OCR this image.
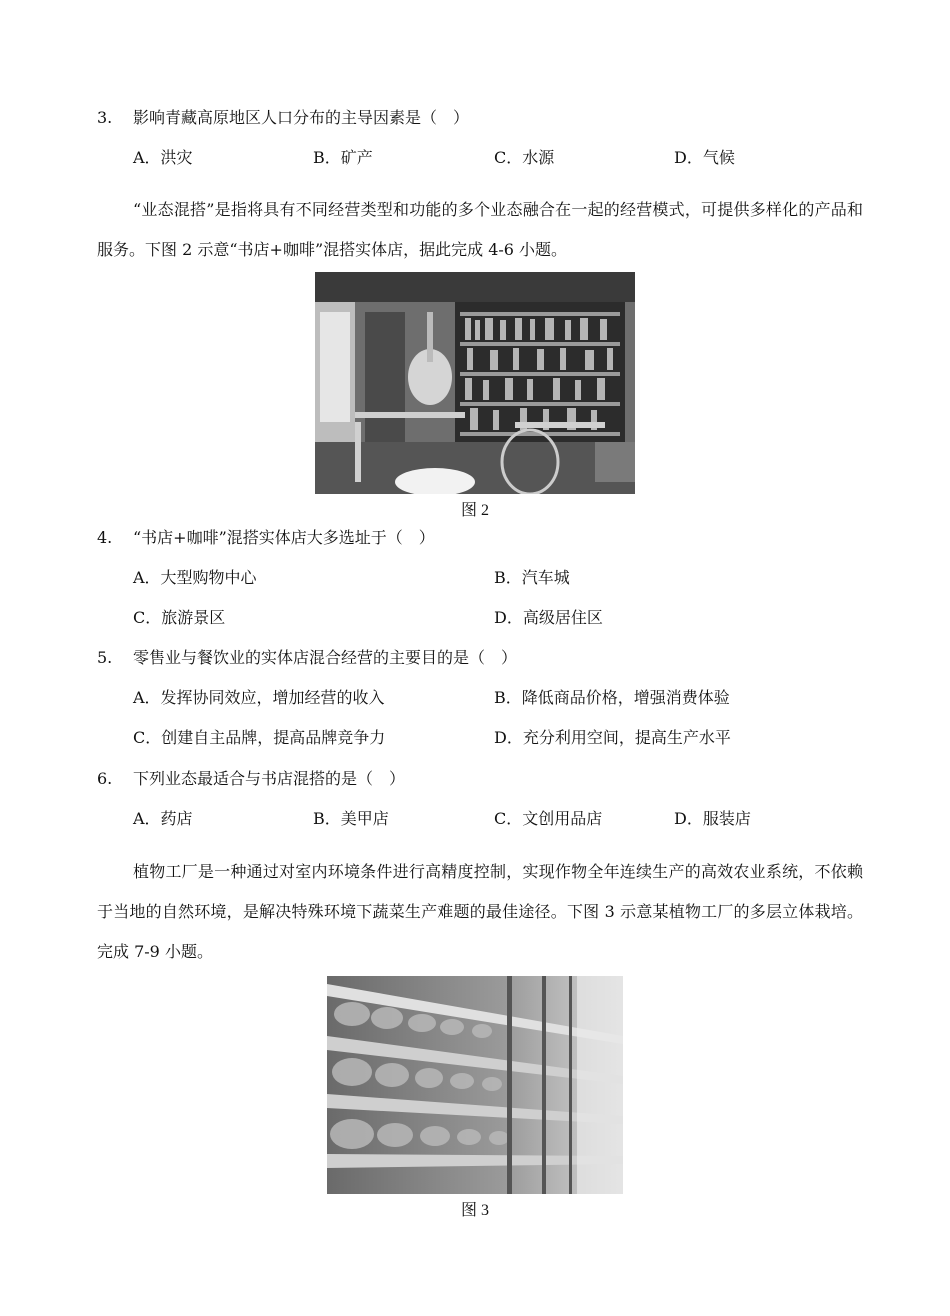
3. 影响青藏高原地区人口分布的主导因素是（　）
A．洪灾	B．矿产	C．水源	D．气候
“业态混搭”是指将具有不同经营类型和功能的多个业态融合在一起的经营模式，可提供多样化的产品和服务。下图 2 示意“书店+咖啡”混搭实体店，据此完成 4-6 小题。
图 2
4. “书店+咖啡”混搭实体店大多选址于（　）
A．大型购物中心	B．汽车城
C．旅游景区	D．高级居住区
5. 零售业与餐饮业的实体店混合经营的主要目的是（　）
A．发挥协同效应，增加经营的收入	B．降低商品价格，增强消费体验
C．创建自主品牌，提高品牌竞争力	D．充分利用空间，提高生产水平
6. 下列业态最适合与书店混搭的是（　）
A．药店	B．美甲店	C．文创用品店	D．服装店
植物工厂是一种通过对室内环境条件进行高精度控制，实现作物全年连续生产的高效农业系统，不依赖于当地的自然环境，是解决特殊环境下蔬菜生产难题的最佳途径。下图 3 示意某植物工厂的多层立体栽培。完成 7-9 小题。
图 3
